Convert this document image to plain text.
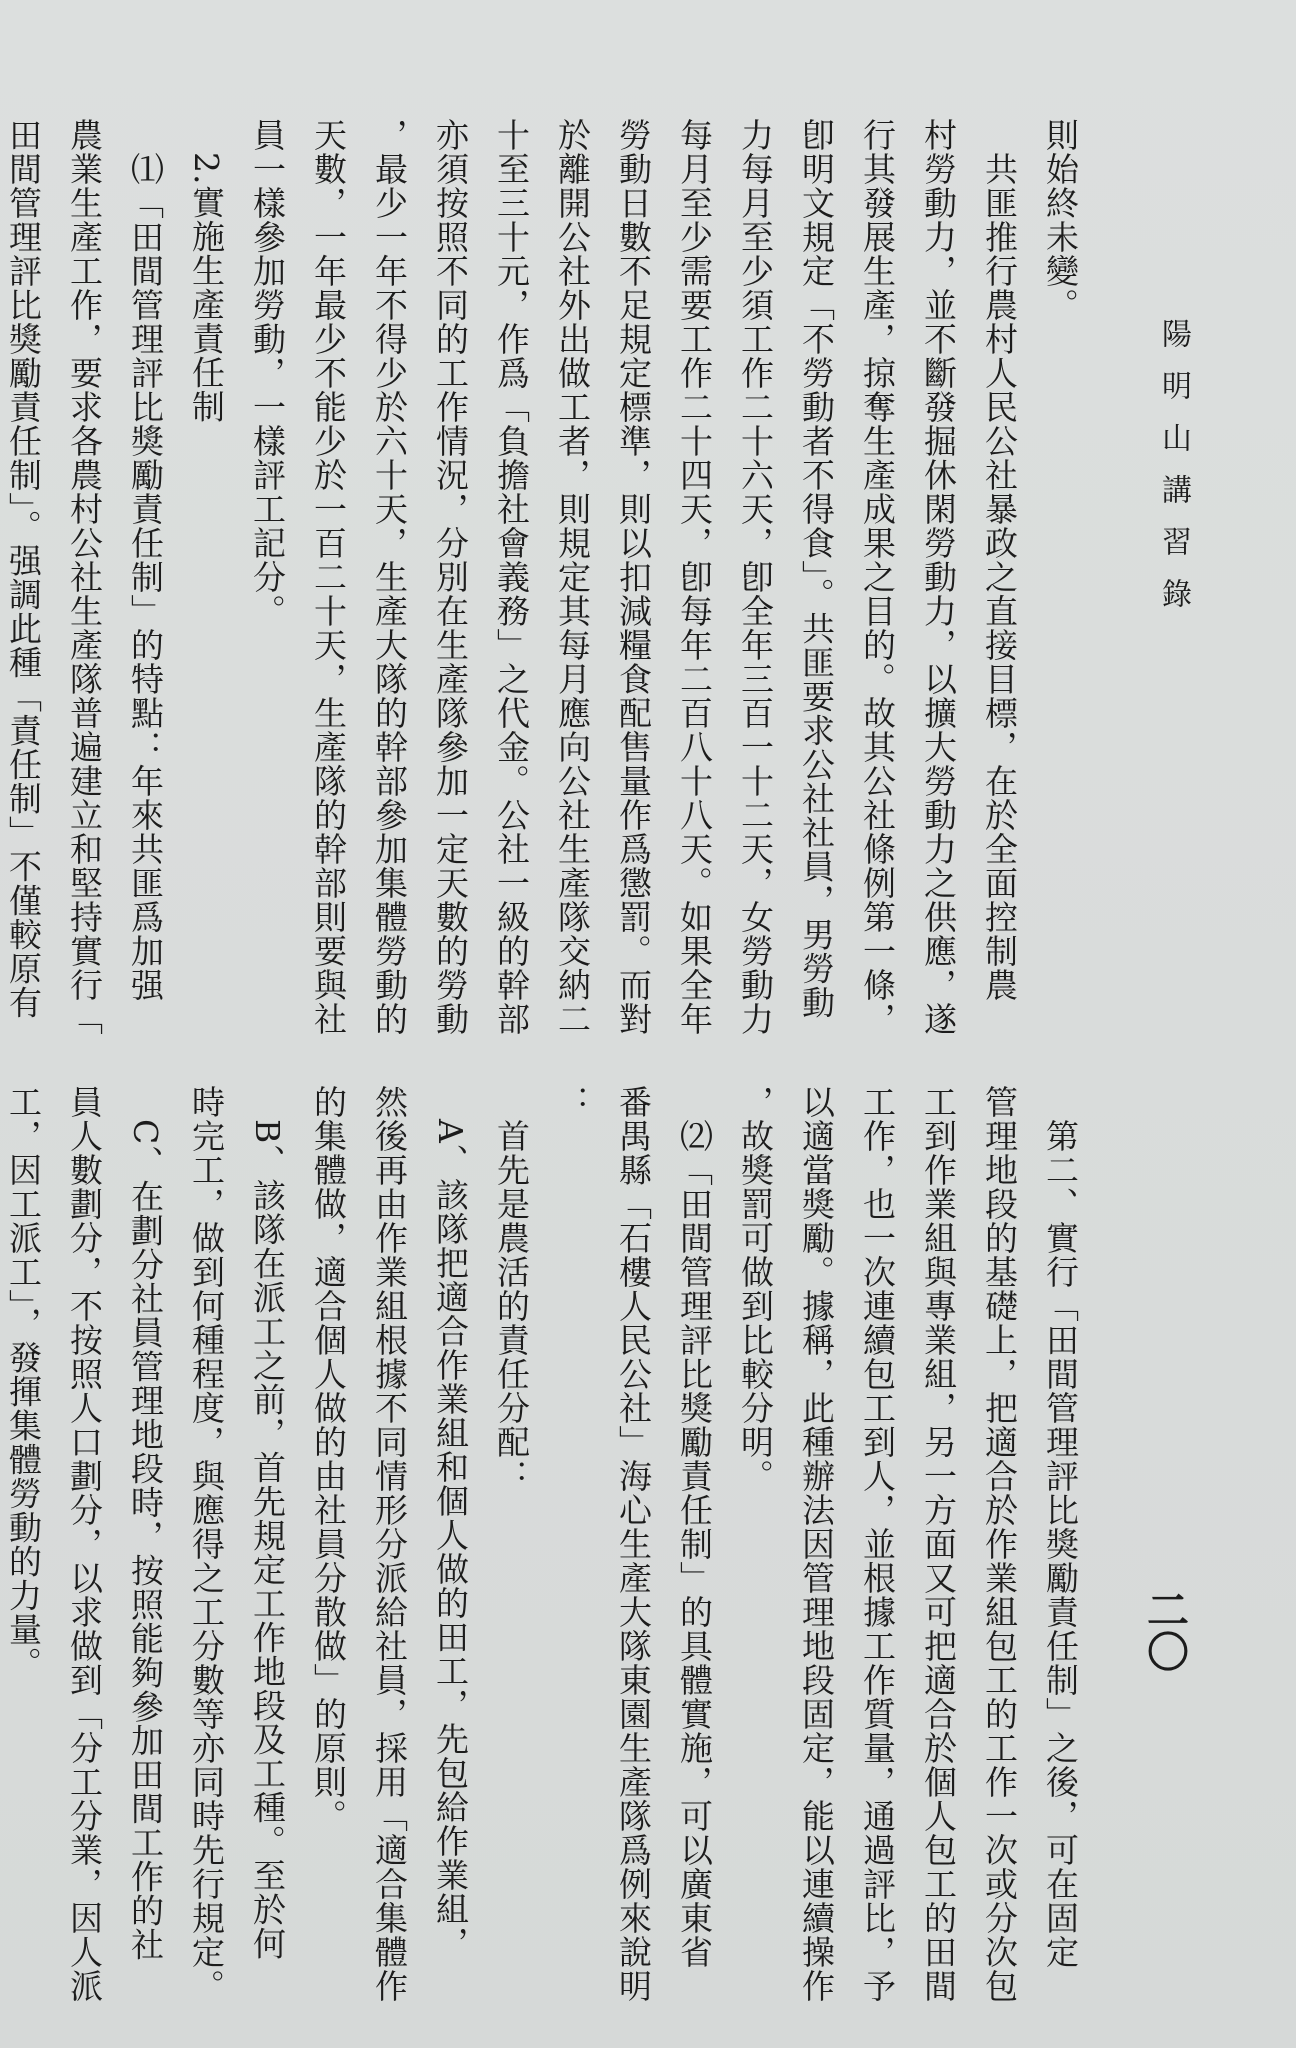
陽明山講習錄
二〇
則始終未變。
　共匪推行農村人民公社暴政之直接目標，在於全面控制農
村勞動力，並不斷發掘休閑勞動力，以擴大勞動力之供應，遂
行其發展生產，掠奪生產成果之目的。故其公社條例第一條，
卽明文規定「不勞動者不得食」。共匪要求公社社員，男勞動
力每月至少須工作二十六天，卽全年三百一十二天，女勞動力
每月至少需要工作二十四天，卽每年二百八十八天。如果全年
勞動日數不足規定標準，則以扣減糧食配售量作爲懲罰。而對
於離開公社外出做工者，則規定其每月應向公社生產隊交納二
十至三十元，作爲「負擔社會義務」之代金。公社一級的幹部
亦須按照不同的工作情況，分別在生產隊參加一定天數的勞動
，最少一年不得少於六十天，生產大隊的幹部參加集體勞動的
天數，一年最少不能少於一百二十天，生產隊的幹部則要與社
員一樣參加勞動，一樣評工記分。
　2.實施生產責任制
　⑴「田間管理評比獎勵責任制」的特點：年來共匪爲加强
農業生產工作，要求各農村公社生產隊普遍建立和堅持實行「
田間管理評比獎勵責任制」。强調此種「責任制」不僅較原有
　第二、實行「田間管理評比獎勵責任制」之後，可在固定
管理地段的基礎上，把適合於作業組包工的工作一次或分次包
工到作業組與專業組，另一方面又可把適合於個人包工的田間
工作，也一次連續包工到人，並根據工作質量，通過評比，予
以適當獎勵。據稱，此種辦法因管理地段固定，能以連續操作
，故獎罰可做到比較分明。
　⑵「田間管理評比獎勵責任制」的具體實施，可以廣東省
番禺縣「石樓人民公社」海心生產大隊東園生產隊爲例來說明
：
　首先是農活的責任分配：
　A、該隊把適合作業組和個人做的田工，先包給作業組，
然後再由作業組根據不同情形分派給社員，採用「適合集體作
的集體做，適合個人做的由社員分散做」的原則。
　B、該隊在派工之前，首先規定工作地段及工種。至於何
時完工，做到何種程度，與應得之工分數等亦同時先行規定。
　C、在劃分社員管理地段時，按照能夠參加田間工作的社
員人數劃分，不按照人口劃分，以求做到「分工分業，因人派
工，因工派工」，發揮集體勞動的力量。
